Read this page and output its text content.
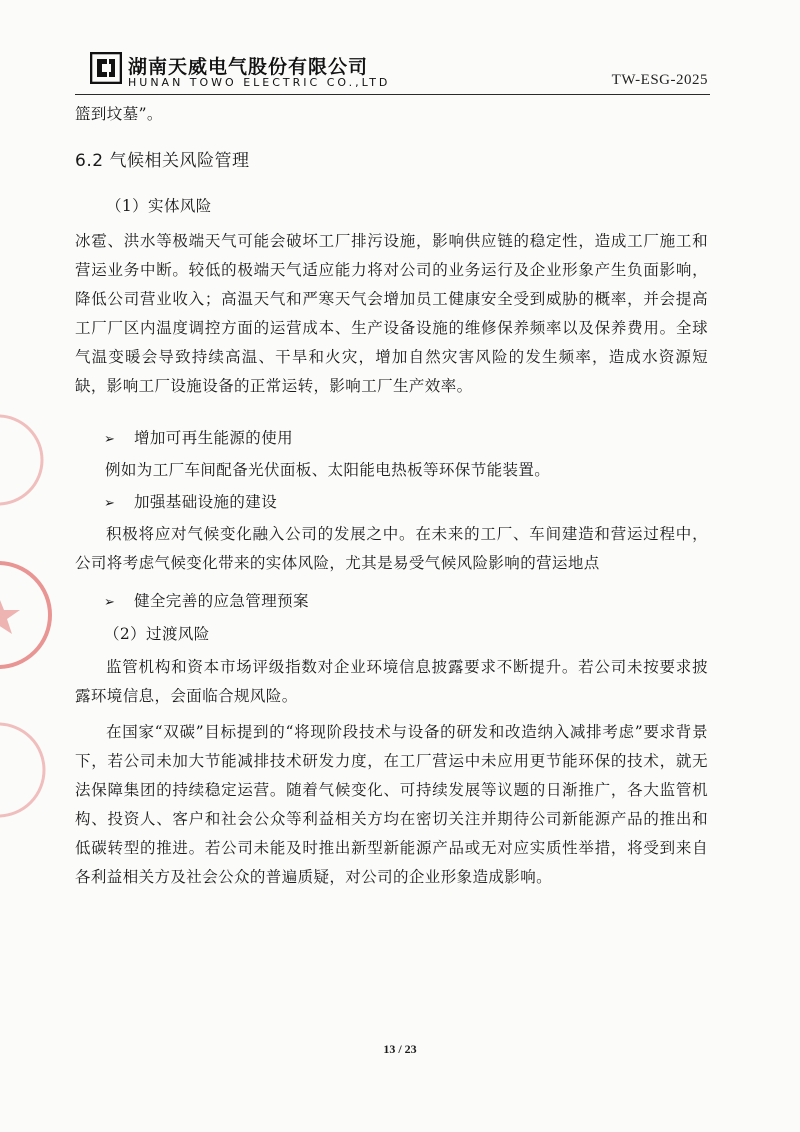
湖南天威电气股份有限公司
HUNAN TOWO ELECTRIC CO.,LTD	TW-ESG-2025
篮到坟墓”。
6.2 气候相关风险管理
（1）实体风险
冰雹、洪水等极端天气可能会破坏工厂排污设施，影响供应链的稳定性，造成工厂施工和营运业务中断。较低的极端天气适应能力将对公司的业务运行及企业形象产生负面影响，降低公司营业收入；高温天气和严寒天气会增加员工健康安全受到威胁的概率，并会提高工厂厂区内温度调控方面的运营成本、生产设备设施的维修保养频率以及保养费用。全球气温变暖会导致持续高温、干旱和火灾，增加自然灾害风险的发生频率，造成水资源短缺，影响工厂设施设备的正常运转，影响工厂生产效率。
➢ 增加可再生能源的使用
例如为工厂车间配备光伏面板、太阳能电热板等环保节能装置。
➢ 加强基础设施的建设
积极将应对气候变化融入公司的发展之中。在未来的工厂、车间建造和营运过程中，公司将考虑气候变化带来的实体风险，尤其是易受气候风险影响的营运地点
➢ 健全完善的应急管理预案
（2）过渡风险
监管机构和资本市场评级指数对企业环境信息披露要求不断提升。若公司未按要求披露环境信息，会面临合规风险。
在国家“双碳”目标提到的“将现阶段技术与设备的研发和改造纳入减排考虑”要求背景下，若公司未加大节能减排技术研发力度，在工厂营运中未应用更节能环保的技术，就无法保障集团的持续稳定运营。随着气候变化、可持续发展等议题的日渐推广，各大监管机构、投资人、客户和社会公众等利益相关方均在密切关注并期待公司新能源产品的推出和低碳转型的推进。若公司未能及时推出新型新能源产品或无对应实质性举措，将受到来自各利益相关方及社会公众的普遍质疑，对公司的企业形象造成影响。
13 / 23
